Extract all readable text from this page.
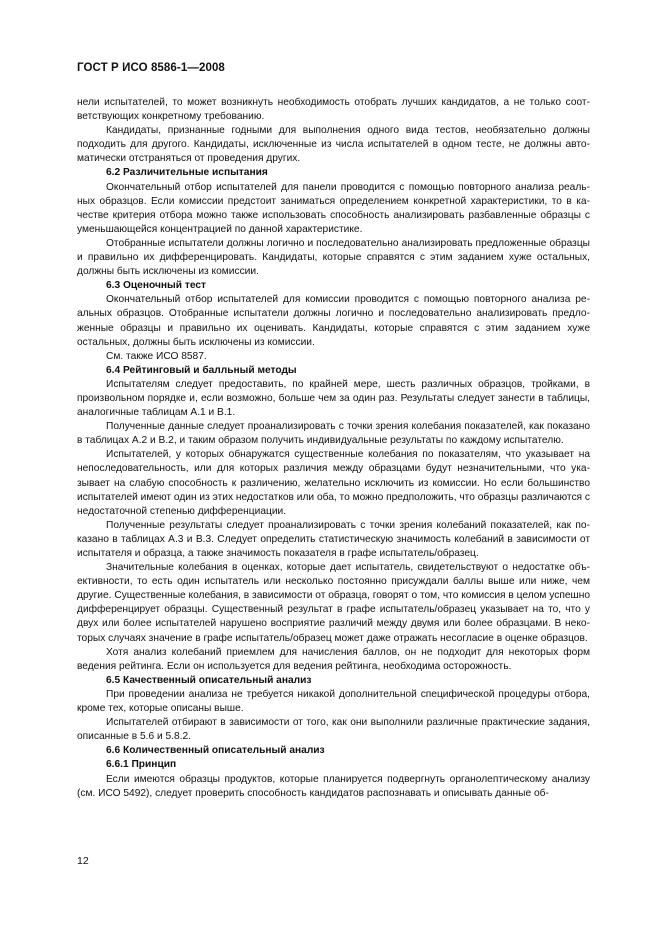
ГОСТ Р ИСО 8586-1—2008

нели испытателей, то может возникнуть необходимость отобрать лучших кандидатов, а не только соответствующих конкретному требованию.

Кандидаты, признанные годными для выполнения одного вида тестов, необязательно должны подходить для другого. Кандидаты, исключенные из числа испытателей в одном тесте, не должны автоматически отстраняться от проведения других.

6.2 Различительные испытания

Окончательный отбор испытателей для панели проводится с помощью повторного анализа реальных образцов. Если комиссии предстоит заниматься определением конкретной характеристики, то в качестве критерия отбора можно также использовать способность анализировать разбавленные образцы с уменьшающейся концентрацией по данной характеристике.

Отобранные испытатели должны логично и последовательно анализировать предложенные образцы и правильно их дифференцировать. Кандидаты, которые справятся с этим заданием хуже остальных, должны быть исключены из комиссии.

6.3 Оценочный тест

Окончательный отбор испытателей для комиссии проводится с помощью повторного анализа реальных образцов. Отобранные испытатели должны логично и последовательно анализировать предложенные образцы и правильно их оценивать. Кандидаты, которые справятся с этим заданием хуже остальных, должны быть исключены из комиссии.

См. также ИСО 8587.

6.4 Рейтинговый и балльный методы

Испытателям следует предоставить, по крайней мере, шесть различных образцов, тройками, в произвольном порядке и, если возможно, больше чем за один раз. Результаты следует занести в таблицы, аналогичные таблицам А.1 и В.1.

Полученные данные следует проанализировать с точки зрения колебания показателей, как показано в таблицах А.2 и В.2, и таким образом получить индивидуальные результаты по каждому испытателю.

Испытателей, у которых обнаружатся существенные колебания по показателям, что указывает на непоследовательность, или для которых различия между образцами будут незначительными, что указывает на слабую способность к различению, желательно исключить из комиссии. Но если большинство испытателей имеют один из этих недостатков или оба, то можно предположить, что образцы различаются с недостаточной степенью дифференциации.

Полученные результаты следует проанализировать с точки зрения колебаний показателей, как показано в таблицах А.3 и В.3. Следует определить статистическую значимость колебаний в зависимости от испытателя и образца, а также значимость показателя в графе испытатель/образец.

Значительные колебания в оценках, которые дает испытатель, свидетельствуют о недостатке объективности, то есть один испытатель или несколько постоянно присуждали баллы выше или ниже, чем другие. Существенные колебания, в зависимости от образца, говорят о том, что комиссия в целом успешно дифференцирует образцы. Существенный результат в графе испытатель/образец указывает на то, что у двух или более испытателей нарушено восприятие различий между двумя или более образцами. В некоторых случаях значение в графе испытатель/образец может даже отражать несогласие в оценке образцов.

Хотя анализ колебаний приемлем для начисления баллов, он не подходит для некоторых форм ведения рейтинга. Если он используется для ведения рейтинга, необходима осторожность.

6.5 Качественный описательный анализ

При проведении анализа не требуется никакой дополнительной специфической процедуры отбора, кроме тех, которые описаны выше.

Испытателей отбирают в зависимости от того, как они выполнили различные практические задания, описанные в 5.6 и 5.8.2.

6.6 Количественный описательный анализ
6.6.1 Принцип

Если имеются образцы продуктов, которые планируется подвергнуть органолептическому анализу (см. ИСО 5492), следует проверить способность кандидатов распознавать и описывать данные об-

12
